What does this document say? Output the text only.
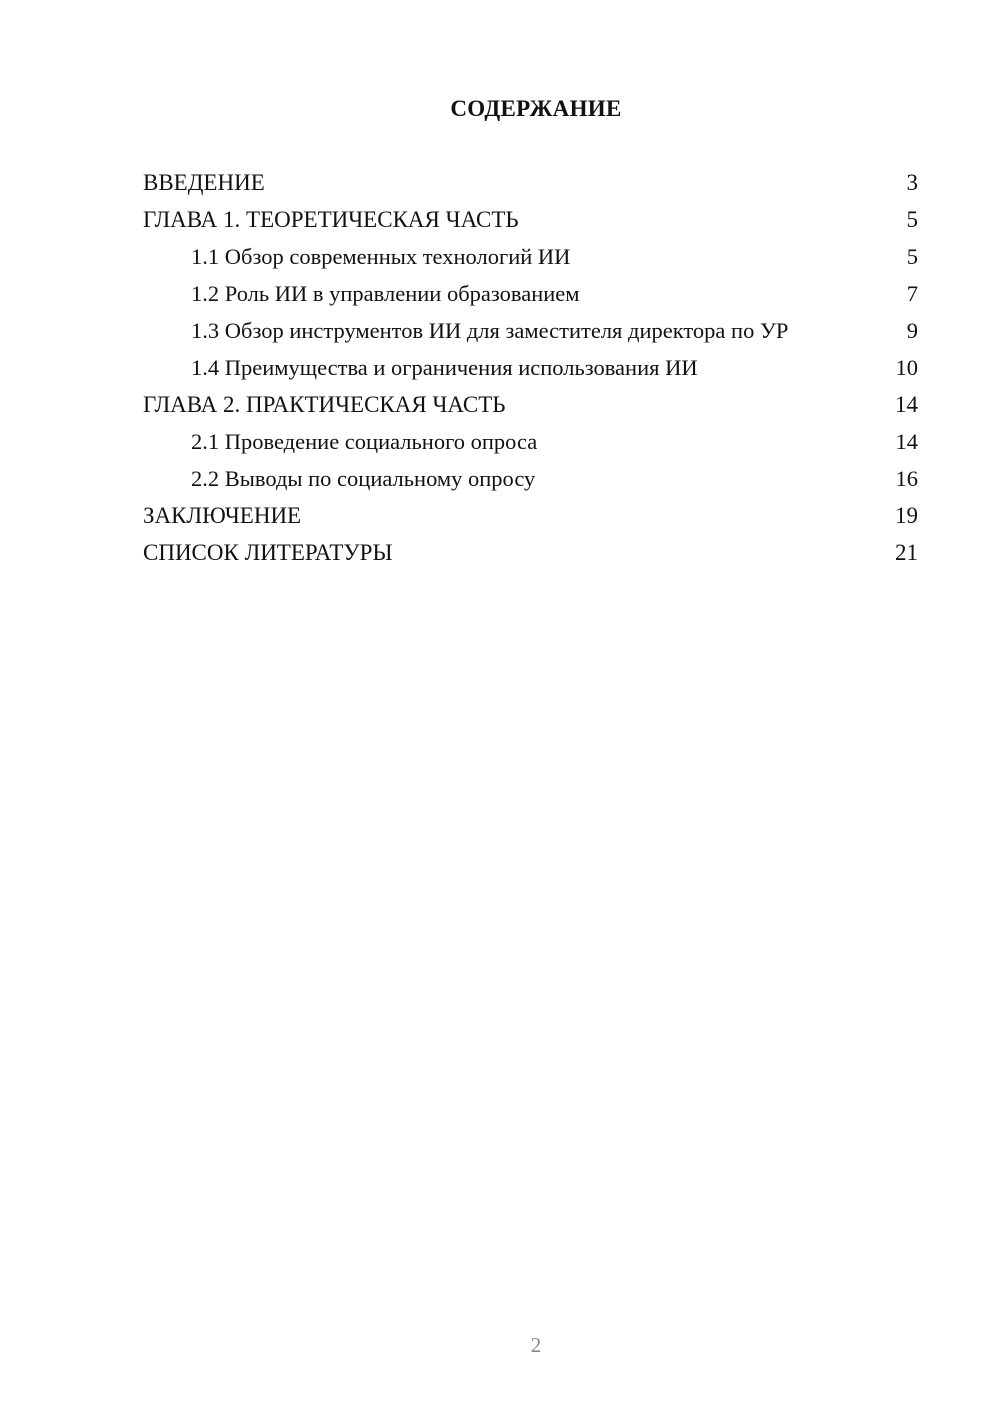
СОДЕРЖАНИЕ
ВВЕДЕНИЕ	3
ГЛАВА 1. ТЕОРЕТИЧЕСКАЯ ЧАСТЬ	5
1.1 Обзор современных технологий ИИ	5
1.2 Роль ИИ в управлении образованием	7
1.3 Обзор инструментов ИИ для заместителя директора по УР	9
1.4 Преимущества и ограничения использования ИИ	10
ГЛАВА 2. ПРАКТИЧЕСКАЯ ЧАСТЬ	14
2.1 Проведение социального опроса	14
2.2 Выводы по социальному опросу	16
ЗАКЛЮЧЕНИЕ	19
СПИСОК ЛИТЕРАТУРЫ	21
2
